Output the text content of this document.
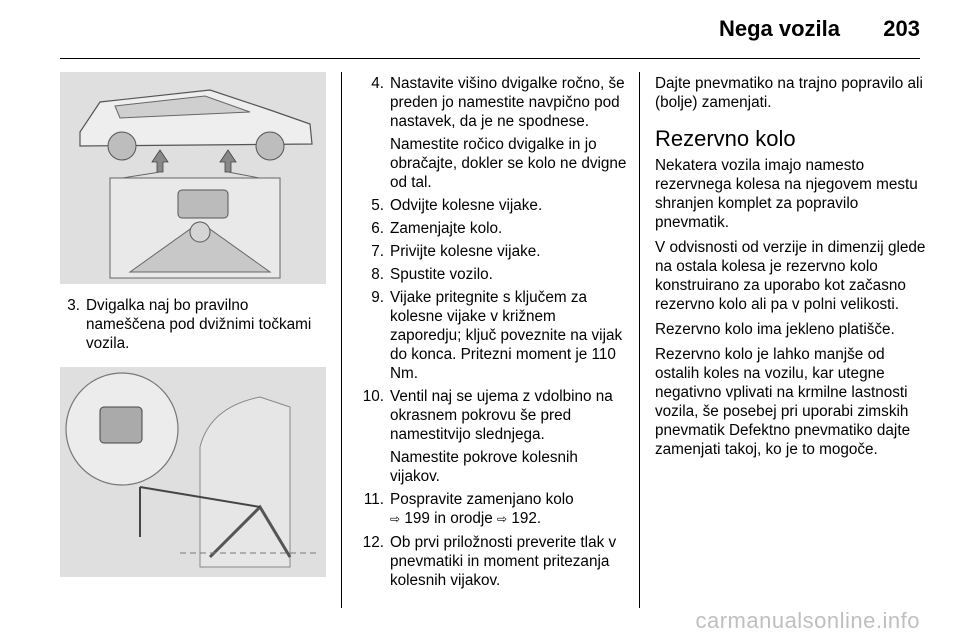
Nega vozila 203
3. Dvigalka naj bo pravilno nameščena pod dvižnimi točkami vozila.
4. Nastavite višino dvigalke ročno, še preden jo namestite navpično pod nastavek, da je ne spodnese.
Namestite ročico dvigalke in jo obračajte, dokler se kolo ne dvigne od tal.
5. Odvijte kolesne vijake.
6. Zamenjajte kolo.
7. Privijte kolesne vijake.
8. Spustite vozilo.
9. Vijake pritegnite s ključem za kolesne vijake v križnem zaporedju; ključ poveznite na vijak do konca. Pritezni moment je 110 Nm.
10. Ventil naj se ujema z vdolbino na okrasnem pokrovu še pred namestitvijo slednjega.
Namestite pokrove kolesnih vijakov.
11. Pospravite zamenjano kolo
⇨ 199 in orodje ⇨ 192.
12. Ob prvi priložnosti preverite tlak v pnevmatiki in moment pritezanja kolesnih vijakov.

Dajte pnevmatiko na trajno popravilo ali (bolje) zamenjati.

Rezervno kolo

Nekatera vozila imajo namesto rezervnega kolesa na njegovem mestu shranjen komplet za popravilo pnevmatik.

V odvisnosti od verzije in dimenzij glede na ostala kolesa je rezervno kolo konstruirano za uporabo kot začasno rezervno kolo ali pa v polni velikosti.

Rezervno kolo ima jekleno platišče.

Rezervno kolo je lahko manjše od ostalih koles na vozilu, kar utegne negativno vplivati na krmilne lastnosti vozila, še posebej pri uporabi zimskih pnevmatik Defektno pnevmatiko dajte zamenjati takoj, ko je to mogoče.

carmanualsonline.info
